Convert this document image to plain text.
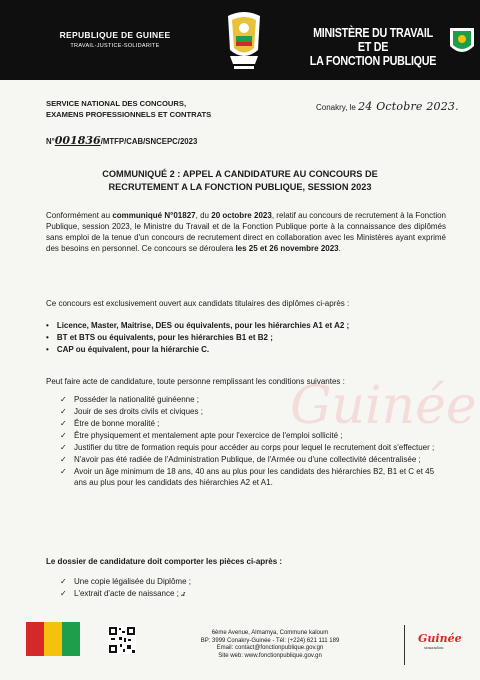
REPUBLIQUE DE GUINEE
TRAVAIL-JUSTICE-SOLIDARITE
MINISTÈRE DU TRAVAIL ET DE
LA FONCTION PUBLIQUE
SERVICE NATIONAL DES CONCOURS,
EXAMENS PROFESSIONNELS ET CONTRATS
Conakry, le 24 Octobre 2023.
N°001836/MTFP/CAB/SNCEPC/2023
COMMUNIQUÉ 2 : APPEL A CANDIDATURE AU CONCOURS DE
RECRUTEMENT A LA FONCTION PUBLIQUE, SESSION 2023
Conformément au communiqué N°01827, du 20 octobre 2023, relatif au concours de recrutement à la Fonction Publique, session 2023, le Ministre du Travail et de la Fonction Publique porte à la connaissance des diplômés sans emploi de la tenue d'un concours de recrutement direct en collaboration avec les Ministères ayant exprimé des besoins en personnel. Ce concours se déroulera les 25 et 26 novembre 2023.
Ce concours est exclusivement ouvert aux candidats titulaires des diplômes ci-après :
• Licence, Master, Maitrise, DES ou équivalents, pour les hiérarchies A1 et A2 ;
• BT et BTS ou équivalents, pour les hiérarchies B1 et B2 ;
• CAP ou équivalent, pour la hiérarchie C.
Guinée
Peut faire acte de candidature, toute personne remplissant les conditions suivantes :
✓ Posséder la nationalité guinéenne ;
✓ Jouir de ses droits civils et civiques ;
✓ Être de bonne moralité ;
✓ Être physiquement et mentalement apte pour l'exercice de l'emploi sollicité ;
✓ Justifier du titre de formation requis pour accéder au corps pour lequel le recrutement doit s'effectuer ;
✓ N'avoir pas été radiée de l'Administration Publique, de l'Armée ou d'une collectivité décentralisée ;
✓ Avoir un âge minimum de 18 ans, 40 ans au plus pour les candidats des hiérarchies B2, B1 et C et 45 ans au plus pour les candidats des hiérarchies A2 et A1.
Le dossier de candidature doit comporter les pièces ci-après :
✓ Une copie légalisée du Diplôme ;
✓ L'extrait d'acte de naissance ; ⅎ
6ème Avenue, Almamya, Commune kaloum
BP: 3999 Conakry-Guinée - Tél: (+224) 621 111 189
Email: contact@fonctionpublique.gov.gn
Site web: www.fonctionpublique.gov.gn
Guinée
simandou
